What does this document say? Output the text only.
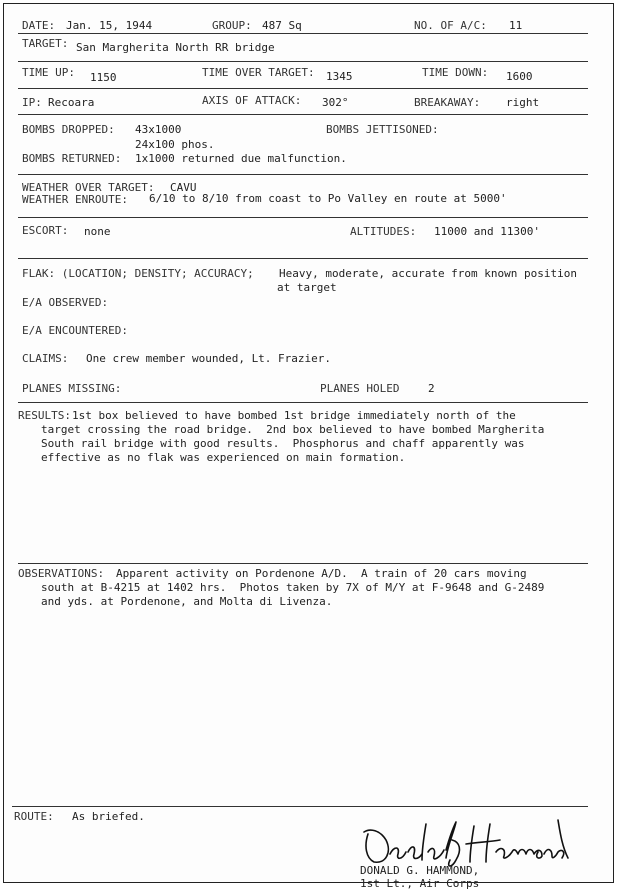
DATE: Jan. 15, 1944	GROUP: 487 Sq	NO. OF A/C: 11
TARGET: San Margherita North RR bridge
TIME UP: 1150	TIME OVER TARGET: 1345	TIME DOWN: 1600
IP: Recoara	AXIS OF ATTACK: 302°	BREAKAWAY: right
BOMBS DROPPED: 43x1000	BOMBS JETTISONED:
24x100 phos.
BOMBS RETURNED: 1x1000 returned due malfunction.
WEATHER OVER TARGET: CAVU
WEATHER ENROUTE: 6/10 to 8/10 from coast to Po Valley en route at 5000'
ESCORT: none	ALTITUDES: 11000 and 11300'
FLAK: (LOCATION; DENSITY; ACCURACY; Heavy, moderate, accurate from known position
at target
E/A OBSERVED:
E/A ENCOUNTERED:
CLAIMS: One crew member wounded, Lt. Frazier.
PLANES MISSING:	PLANES HOLED	2
RESULTS: 1st box believed to have bombed 1st bridge immediately north of the
target crossing the road bridge.  2nd box believed to have bombed Margherita
South rail bridge with good results.  Phosphorus and chaff apparently was
effective as no flak was experienced on main formation.
OBSERVATIONS: Apparent activity on Pordenone A/D.  A train of 20 cars moving
south at B-4215 at 1402 hrs.  Photos taken by 7X of M/Y at F-9648 and G-2489
and yds. at Pordenone, and Molta di Livenza.
ROUTE: As briefed.
DONALD G. HAMMOND,
1st Lt., Air Corps
